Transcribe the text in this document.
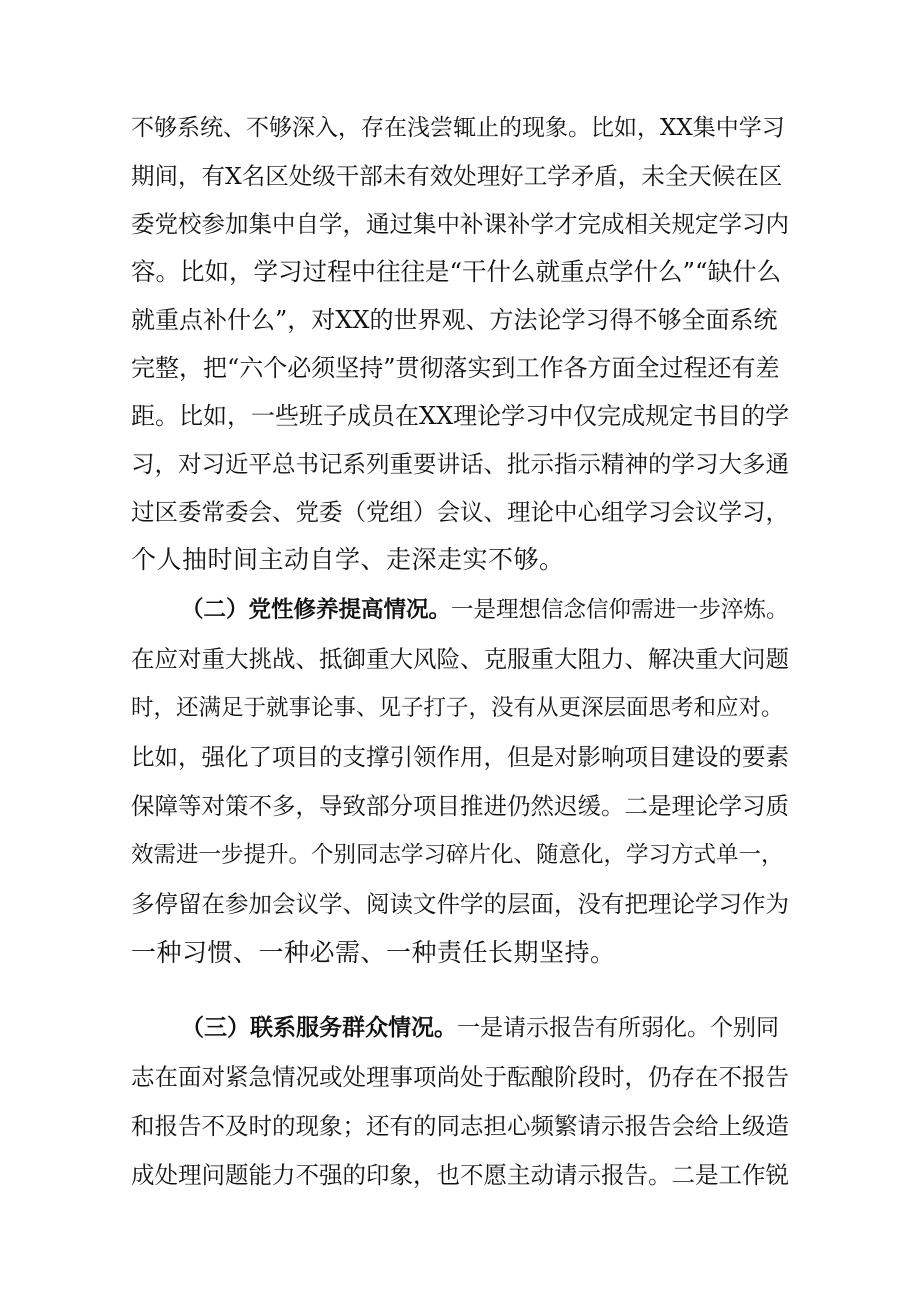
不够系统、不够深入，存在浅尝辄止的现象。比如，XX集中学习

期间，有X名区处级干部未有效处理好工学矛盾，未全天候在区

委党校参加集中自学，通过集中补课补学才完成相关规定学习内

容。比如，学习过程中往往是“干什么就重点学什么”“缺什么

就重点补什么”，对XX的世界观、方法论学习得不够全面系统

完整，把“六个必须坚持”贯彻落实到工作各方面全过程还有差

距。比如，一些班子成员在XX理论学习中仅完成规定书目的学

习，对习近平总书记系列重要讲话、批示指示精神的学习大多通

过区委常委会、党委（党组）会议、理论中心组学习会议学习，

个人抽时间主动自学、走深走实不够。

（二）党性修养提高情况。一是理想信念信仰需进一步淬炼。

在应对重大挑战、抵御重大风险、克服重大阻力、解决重大问题

时，还满足于就事论事、见子打子，没有从更深层面思考和应对。

比如，强化了项目的支撑引领作用，但是对影响项目建设的要素

保障等对策不多，导致部分项目推进仍然迟缓。二是理论学习质

效需进一步提升。个别同志学习碎片化、随意化，学习方式单一，

多停留在参加会议学、阅读文件学的层面，没有把理论学习作为

一种习惯、一种必需、一种责任长期坚持。

（三）联系服务群众情况。一是请示报告有所弱化。个别同

志在面对紧急情况或处理事项尚处于酝酿阶段时，仍存在不报告

和报告不及时的现象；还有的同志担心频繁请示报告会给上级造

成处理问题能力不强的印象，也不愿主动请示报告。二是工作锐
